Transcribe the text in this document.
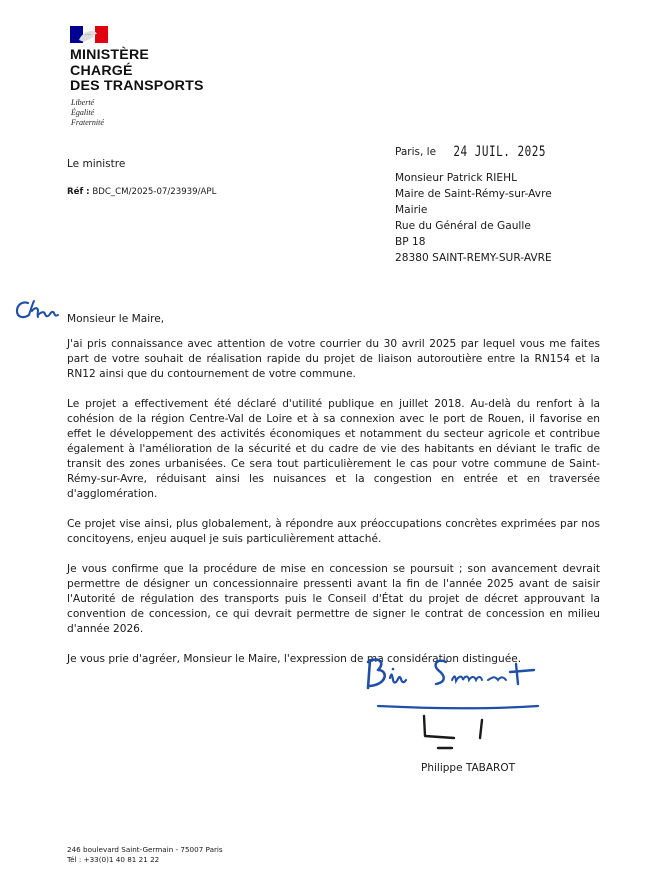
MINISTÈRE
CHARGÉ
DES TRANSPORTS
Liberté
Égalité
Fraternité
Le ministre
Réf : BDC_CM/2025-07/23939/APL
Paris, le 24 JUIL. 2025
Monsieur Patrick RIEHL
Maire de Saint-Rémy-sur-Avre
Mairie
Rue du Général de Gaulle
BP 18
28380 SAINT-REMY-SUR-AVRE
Monsieur le Maire,

J'ai pris connaissance avec attention de votre courrier du 30 avril 2025 par lequel vous me faites part de votre souhait de réalisation rapide du projet de liaison autoroutière entre la RN154 et la RN12 ainsi que du contournement de votre commune.

Le projet a effectivement été déclaré d'utilité publique en juillet 2018. Au-delà du renfort à la cohésion de la région Centre-Val de Loire et à sa connexion avec le port de Rouen, il favorise en effet le développement des activités économiques et notamment du secteur agricole et contribue également à l'amélioration de la sécurité et du cadre de vie des habitants en déviant le trafic de transit des zones urbanisées. Ce sera tout particulièrement le cas pour votre commune de Saint-Rémy-sur-Avre, réduisant ainsi les nuisances et la congestion en entrée et en traversée d'agglomération.

Ce projet vise ainsi, plus globalement, à répondre aux préoccupations concrètes exprimées par nos concitoyens, enjeu auquel je suis particulièrement attaché.

Je vous confirme que la procédure de mise en concession se poursuit ; son avancement devrait permettre de désigner un concessionnaire pressenti avant la fin de l'année 2025 avant de saisir l'Autorité de régulation des transports puis le Conseil d'État du projet de décret approuvant la convention de concession, ce qui devrait permettre de signer le contrat de concession en milieu d'année 2026.

Je vous prie d'agréer, Monsieur le Maire, l'expression de ma considération distinguée.

Philippe TABAROT
246 boulevard Saint-Germain - 75007 Paris
Tél : +33(0)1 40 81 21 22
